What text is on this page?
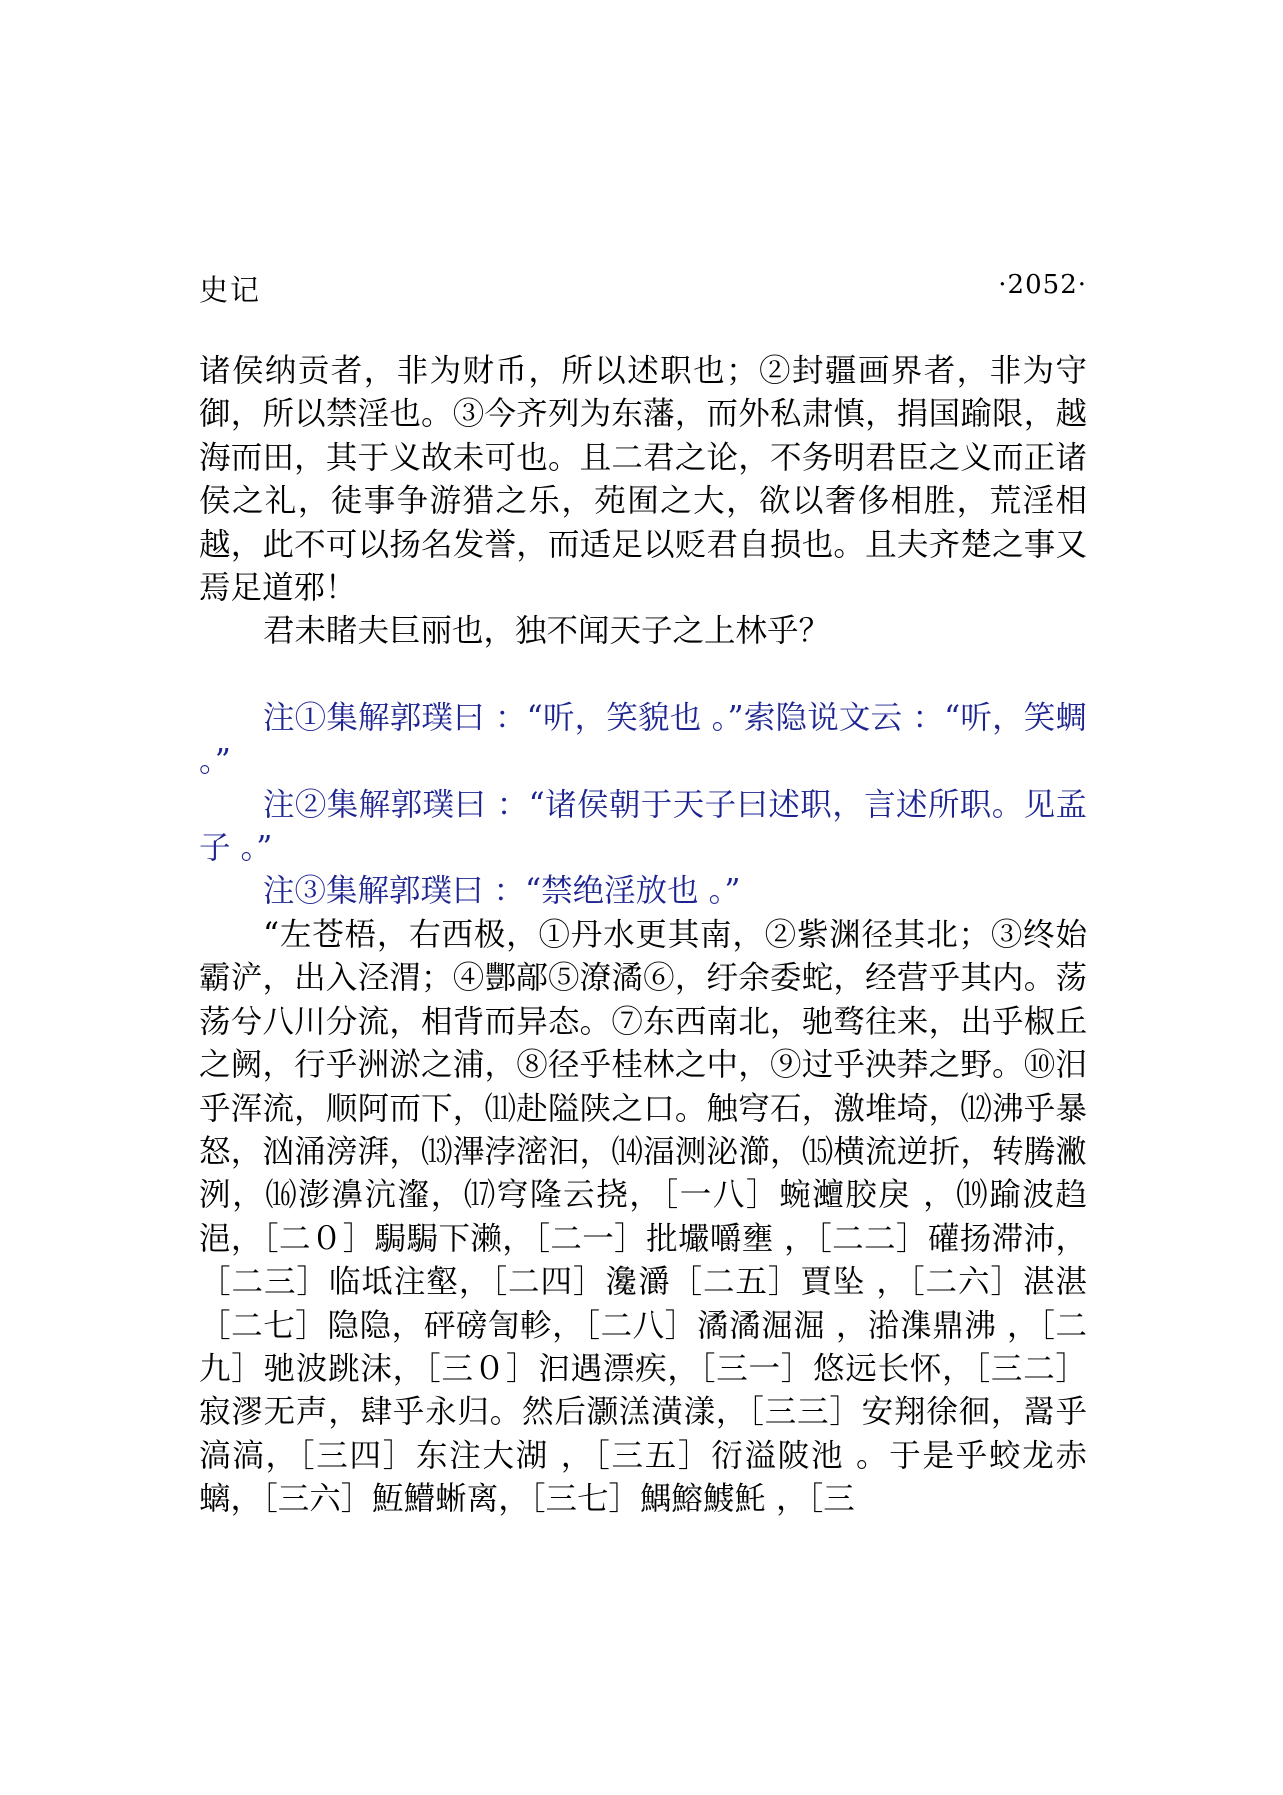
史记	·2052·

诸侯纳贡者，非为财币，所以述职也；②封疆画界者，非为守御，所以禁淫也。③今齐列为东藩，而外私肃慎，捐国踰限，越海而田，其于义故未可也。且二君之论，不务明君臣之义而正诸侯之礼，徒事争游猎之乐，苑囿之大，欲以奢侈相胜，荒淫相越，此不可以扬名发誉，而适足以贬君自损也。且夫齐楚之事又焉足道邪！

君未睹夫巨丽也，独不闻天子之上林乎？

注①集解郭璞曰 ：“听，笑貌也 。”索隐说文云 ：“听，笑蜩 。”

注②集解郭璞曰 ：“诸侯朝于天子曰述职，言述所职。见孟子 。”

注③集解郭璞曰 ：“禁绝淫放也 。”

“左苍梧，右西极，①丹水更其南，②紫渊径其北；③终始霸浐，出入泾渭；④酆鄗⑤潦潏⑥，纡余委蛇，经营乎其内。荡荡兮八川分流，相背而异态。⑦东西南北，驰骛往来，出乎椒丘之阙，行乎洲淤之浦，⑧径乎桂林之中，⑨过乎泱莽之野。⑩汨乎浑流，顺阿而下，⑾赴隘陕之口。触穹石，激堆埼，⑿沸乎暴怒，汹涌滂湃，⒀滭浡滵汩，⒁湢测泌瀄，⒂横流逆折，转腾潎洌，⒃澎濞沆瀣，⒄穹隆云挠，［一八］蜿灗胶戾 ，⒆踰波趋浥，［二０］駶駶下濑，［二一］批壧嚼壅 ，［二二］礶扬滞沛，［二三］临坻注壑，［二四］瀺灂［二五］賈坠 ，［二六］湛湛［二七］隐隐，砰磅訇軫，［二八］潏潏淈淈 ，湁潗鼎沸 ，［二九］驰波跳沫，［三０］汩遇漂疾，［三一］悠远长怀，［三二］寂漻无声，肆乎永归。然后灏溔潢漾，［三三］安翔徐徊，翯乎滈滈，［三四］东注大湖 ，［三五］衍溢陂池 。于是乎蛟龙赤螭，［三六］魱䲛蜥离，［三七］鰅鰫鰬魠 ，［三
